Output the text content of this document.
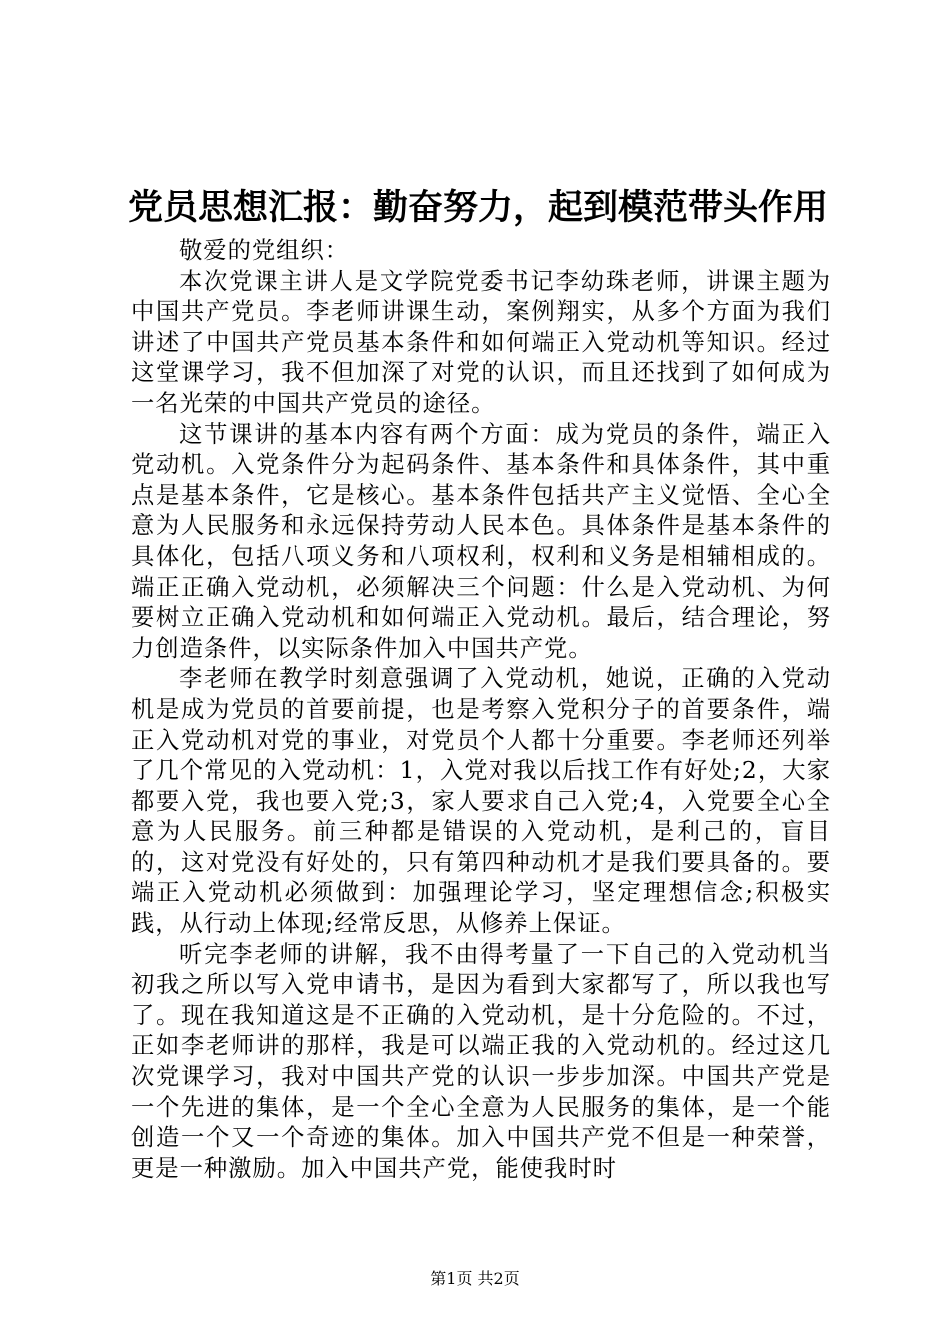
党员思想汇报：勤奋努力，起到模范带头作用

敬爱的党组织：

本次党课主讲人是文学院党委书记李幼珠老师，讲课主题为中国共产党员。李老师讲课生动，案例翔实，从多个方面为我们讲述了中国共产党员基本条件和如何端正入党动机等知识。经过这堂课学习，我不但加深了对党的认识，而且还找到了如何成为一名光荣的中国共产党员的途径。

这节课讲的基本内容有两个方面：成为党员的条件，端正入党动机。入党条件分为起码条件、基本条件和具体条件，其中重点是基本条件，它是核心。基本条件包括共产主义觉悟、全心全意为人民服务和永远保持劳动人民本色。具体条件是基本条件的具体化，包括八项义务和八项权利，权利和义务是相辅相成的。端正正确入党动机，必须解决三个问题：什么是入党动机、为何要树立正确入党动机和如何端正入党动机。最后，结合理论，努力创造条件，以实际条件加入中国共产党。

李老师在教学时刻意强调了入党动机，她说，正确的入党动机是成为党员的首要前提，也是考察入党积分子的首要条件，端正入党动机对党的事业，对党员个人都十分重要。李老师还列举了几个常见的入党动机：1，入党对我以后找工作有好处;2，大家都要入党，我也要入党;3，家人要求自己入党;4，入党要全心全意为人民服务。前三种都是错误的入党动机，是利己的，盲目的，这对党没有好处的，只有第四种动机才是我们要具备的。要端正入党动机必须做到：加强理论学习，坚定理想信念;积极实践，从行动上体现;经常反思，从修养上保证。

听完李老师的讲解，我不由得考量了一下自己的入党动机当初我之所以写入党申请书，是因为看到大家都写了，所以我也写了。现在我知道这是不正确的入党动机，是十分危险的。不过，正如李老师讲的那样，我是可以端正我的入党动机的。经过这几次党课学习，我对中国共产党的认识一步步加深。中国共产党是一个先进的集体，是一个全心全意为人民服务的集体，是一个能创造一个又一个奇迹的集体。加入中国共产党不但是一种荣誉，更是一种激励。加入中国共产党，能使我时时

第1页 共2页
